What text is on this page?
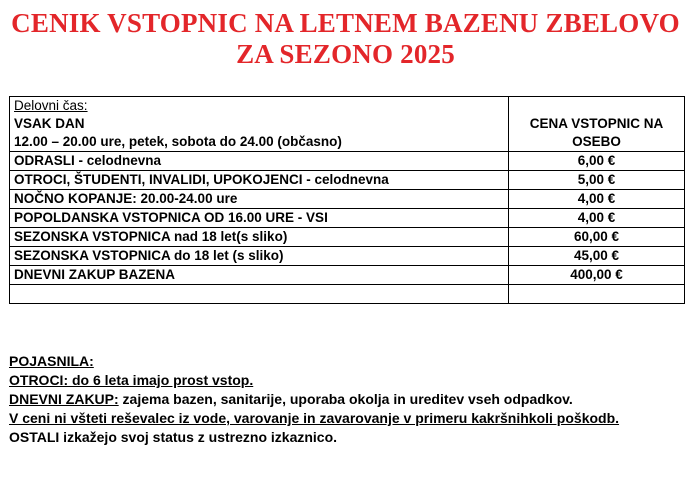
CENIK VSTOPNIC NA LETNEM BAZENU ZBELOVO
ZA SEZONO 2025
Delovni čas:
VSAK DAN
12.00 – 20.00 ure, petek, sobota do 24.00 (občasno)	CENA VSTOPNIC NA
OSEBO

ODRASLI - celodnevna	6,00 €
OTROCI, ŠTUDENTI, INVALIDI, UPOKOJENCI - celodnevna	5,00 €
NOČNO KOPANJE: 20.00-24.00 ure	4,00 €
POPOLDANSKA VSTOPNICA OD 16.00 URE - VSI	4,00 €
SEZONSKA VSTOPNICA nad 18 let(s sliko)	60,00 €
SEZONSKA VSTOPNICA do 18 let (s sliko)	45,00 €
DNEVNI ZAKUP BAZENA	400,00 €

POJASNILA:

OTROCI: do 6 leta imajo prost vstop.

DNEVNI ZAKUP: zajema bazen, sanitarije, uporaba okolja in ureditev vseh odpadkov.

V ceni ni všteti reševalec iz vode, varovanje in zavarovanje v primeru kakršnihkoli poškodb.

OSTALI izkažejo svoj status z ustrezno izkaznico.
